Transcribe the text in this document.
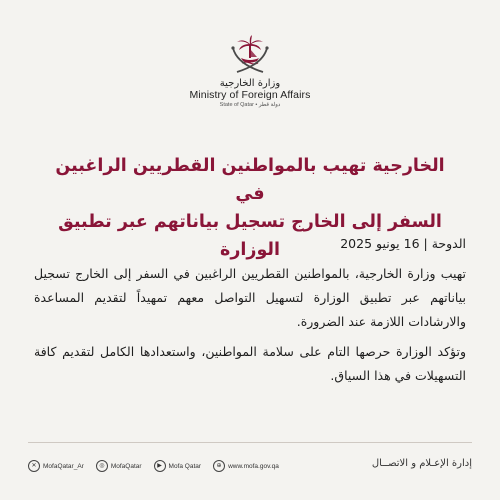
وزارة الخارجية
Ministry of Foreign Affairs
State of Qatar • دولة قطر
الخارجية تهيب بالمواطنين القطريين الراغبين في
السفر إلى الخارج تسجيل بياناتهم عبر تطبيق الوزارة	الدوحة | 16 يونيو 2025
تهيب وزارة الخارجية، بالمواطنين القطريين الراغبين في السفر إلى الخارج تسجيل بياناتهم عبر تطبيق الوزارة لتسهيل التواصل معهم تمهيداً لتقديم المساعدة والارشادات اللازمة عند الضرورة.
وتؤكد الوزارة حرصها التام على سلامة المواطنين، واستعدادها الكامل لتقديم كافة التسهيلات في هذا السياق.
✕ MofaQatar_Ar	◎ MofaQatar	▶	Mofa Qatar	⊕ www.mofa.gov.qa	إدارة الإعـلام و الاتصــال
